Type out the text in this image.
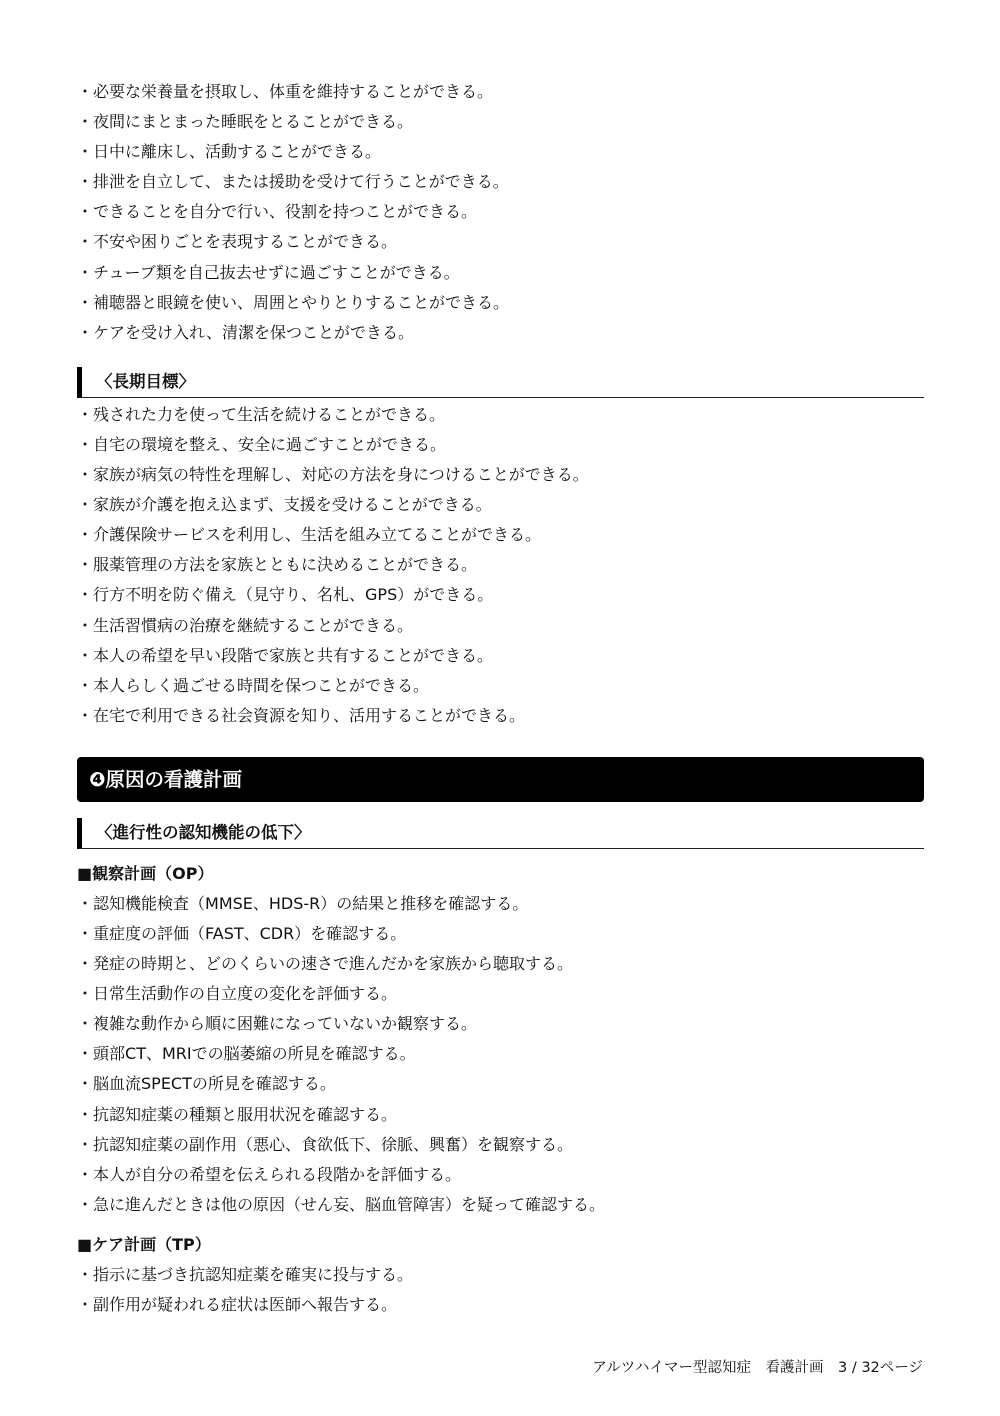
・ 必要な栄養量を摂取し、体重を維持することができる。
・ 夜間にまとまった睡眠をとることができる。
・ 日中に離床し、活動することができる。
・ 排泄を自立して、または援助を受けて行うことができる。
・ できることを自分で行い、役割を持つことができる。
・ 不安や困りごとを表現することができる。
・ チューブ類を自己抜去せずに過ごすことができる。
・ 補聴器と眼鏡を使い、周囲とやりとりすることができる。
・ ケアを受け入れ、清潔を保つことができる。
〈長期目標〉
・ 残された力を使って生活を続けることができる。
・ 自宅の環境を整え、安全に過ごすことができる。
・ 家族が病気の特性を理解し、対応の方法を身につけることができる。
・ 家族が介護を抱え込まず、支援を受けることができる。
・ 介護保険サービスを利用し、生活を組み立てることができる。
・ 服薬管理の方法を家族とともに決めることができる。
・ 行方不明を防ぐ備え（見守り、名札、GPS）ができる。
・ 生活習慣病の治療を継続することができる。
・ 本人の希望を早い段階で家族と共有することができる。
・ 本人らしく過ごせる時間を保つことができる。
・ 在宅で利用できる社会資源を知り、活用することができる。
❹原因の看護計画
〈進行性の認知機能の低下〉
■観察計画（OP）
・ 認知機能検査（MMSE、HDS-R）の結果と推移を確認する。
・ 重症度の評価（FAST、CDR）を確認する。
・ 発症の時期と、どのくらいの速さで進んだかを家族から聴取する。
・ 日常生活動作の自立度の変化を評価する。
・ 複雑な動作から順に困難になっていないか観察する。
・ 頭部CT、MRIでの脳萎縮の所見を確認する。
・ 脳血流SPECTの所見を確認する。
・ 抗認知症薬の種類と服用状況を確認する。
・ 抗認知症薬の副作用（悪心、食欲低下、徐脈、興奮）を観察する。
・ 本人が自分の希望を伝えられる段階かを評価する。
・ 急に進んだときは他の原因（せん妄、脳血管障害）を疑って確認する。
■ケア計画（TP）
・ 指示に基づき抗認知症薬を確実に投与する。
・ 副作用が疑われる症状は医師へ報告する。
アルツハイマー型認知症　看護計画　3 / 32ページ
